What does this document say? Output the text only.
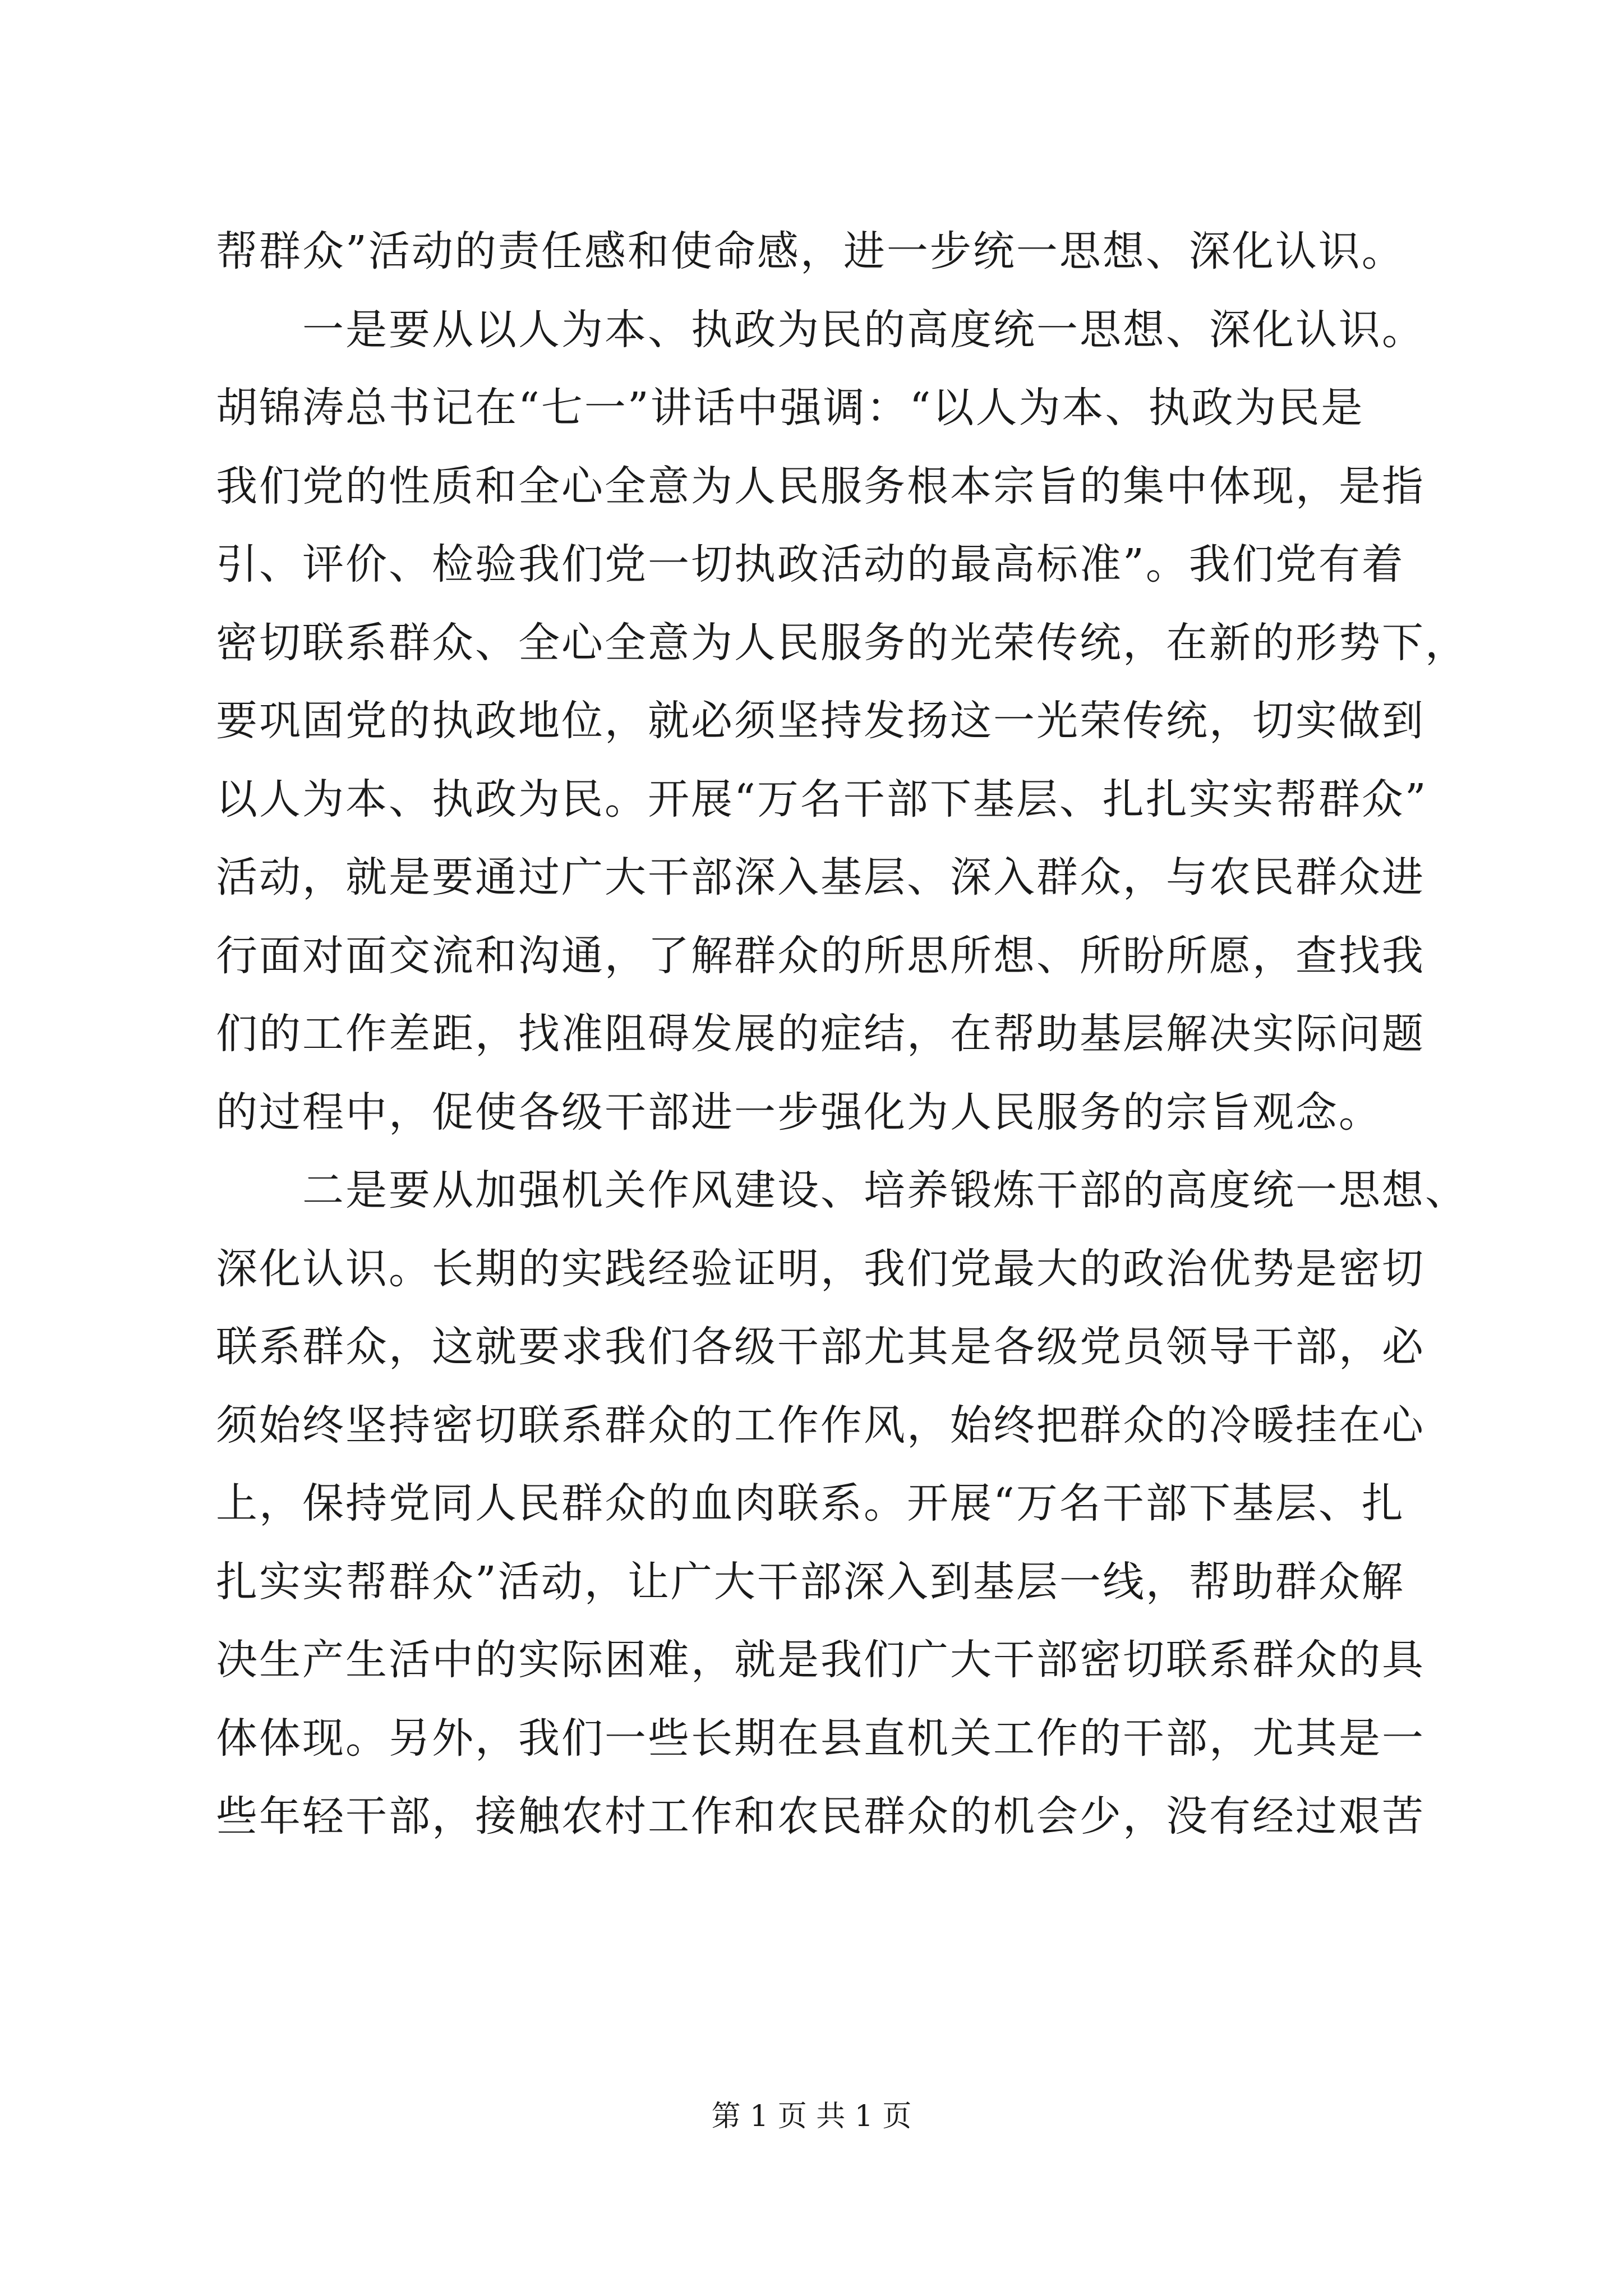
帮群众”活动的责任感和使命感，进一步统一思想、深化认识。
　　一是要从以人为本、执政为民的高度统一思想、深化认识。
胡锦涛总书记在“七一”讲话中强调：“以人为本、执政为民是
我们党的性质和全心全意为人民服务根本宗旨的集中体现，是指
引、评价、检验我们党一切执政活动的最高标准”。我们党有着
密切联系群众、全心全意为人民服务的光荣传统，在新的形势下，
要巩固党的执政地位，就必须坚持发扬这一光荣传统，切实做到
以人为本、执政为民。开展“万名干部下基层、扎扎实实帮群众”
活动，就是要通过广大干部深入基层、深入群众，与农民群众进
行面对面交流和沟通，了解群众的所思所想、所盼所愿，查找我
们的工作差距，找准阻碍发展的症结，在帮助基层解决实际问题
的过程中，促使各级干部进一步强化为人民服务的宗旨观念。
　　二是要从加强机关作风建设、培养锻炼干部的高度统一思想、
深化认识。长期的实践经验证明，我们党最大的政治优势是密切
联系群众，这就要求我们各级干部尤其是各级党员领导干部，必
须始终坚持密切联系群众的工作作风，始终把群众的冷暖挂在心
上，保持党同人民群众的血肉联系。开展“万名干部下基层、扎
扎实实帮群众”活动，让广大干部深入到基层一线，帮助群众解
决生产生活中的实际困难，就是我们广大干部密切联系群众的具
体体现。另外，我们一些长期在县直机关工作的干部，尤其是一
些年轻干部，接触农村工作和农民群众的机会少，没有经过艰苦
第 1 页 共 1 页
